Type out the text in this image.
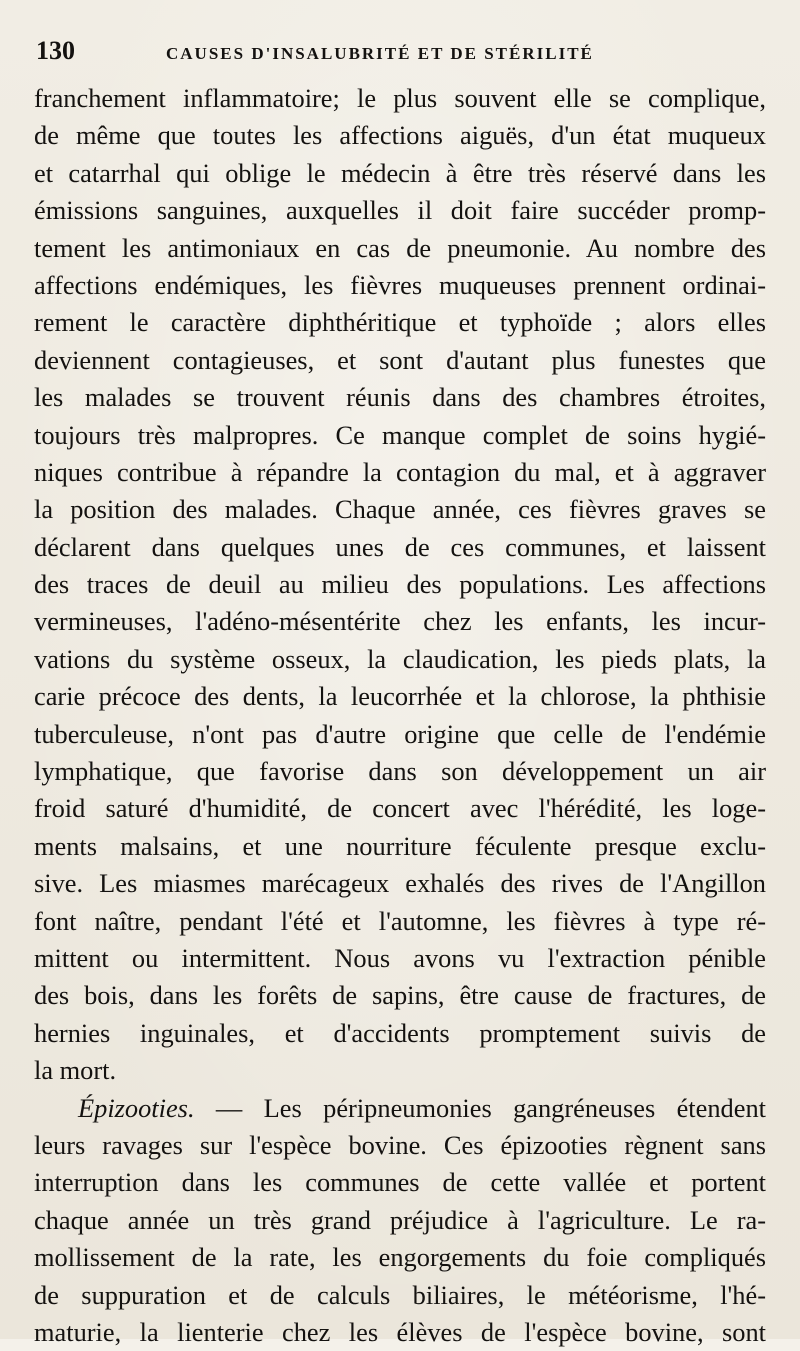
130	CAUSES D'INSALUBRITÉ ET DE STÉRILITÉ
franchement inflammatoire; le plus souvent elle se complique,
de même que toutes les affections aiguës, d'un état muqueux
et catarrhal qui oblige le médecin à être très réservé dans les
émissions sanguines, auxquelles il doit faire succéder promp-
tement les antimoniaux en cas de pneumonie. Au nombre des
affections endémiques, les fièvres muqueuses prennent ordinai-
rement le caractère diphthéritique et typhoïde ; alors elles
deviennent contagieuses, et sont d'autant plus funestes que
les malades se trouvent réunis dans des chambres étroites,
toujours très malpropres. Ce manque complet de soins hygié-
niques contribue à répandre la contagion du mal, et à aggraver
la position des malades. Chaque année, ces fièvres graves se
déclarent dans quelques unes de ces communes, et laissent
des traces de deuil au milieu des populations. Les affections
vermineuses, l'adéno-mésentérite chez les enfants, les incur-
vations du système osseux, la claudication, les pieds plats, la
carie précoce des dents, la leucorrhée et la chlorose, la phthisie
tuberculeuse, n'ont pas d'autre origine que celle de l'endémie
lymphatique, que favorise dans son développement un air
froid saturé d'humidité, de concert avec l'hérédité, les loge-
ments malsains, et une nourriture féculente presque exclu-
sive. Les miasmes marécageux exhalés des rives de l'Angillon
font naître, pendant l'été et l'automne, les fièvres à type ré-
mittent ou intermittent. Nous avons vu l'extraction pénible
des bois, dans les forêts de sapins, être cause de fractures, de
hernies inguinales, et d'accidents promptement suivis de
la mort.
Épizooties. — Les péripneumonies gangréneuses étendent
leurs ravages sur l'espèce bovine. Ces épizooties règnent sans
interruption dans les communes de cette vallée et portent
chaque année un très grand préjudice à l'agriculture. Le ra-
mollissement de la rate, les engorgements du foie compliqués
de suppuration et de calculs biliaires, le météorisme, l'hé-
maturie, la lienterie chez les élèves de l'espèce bovine, sont
